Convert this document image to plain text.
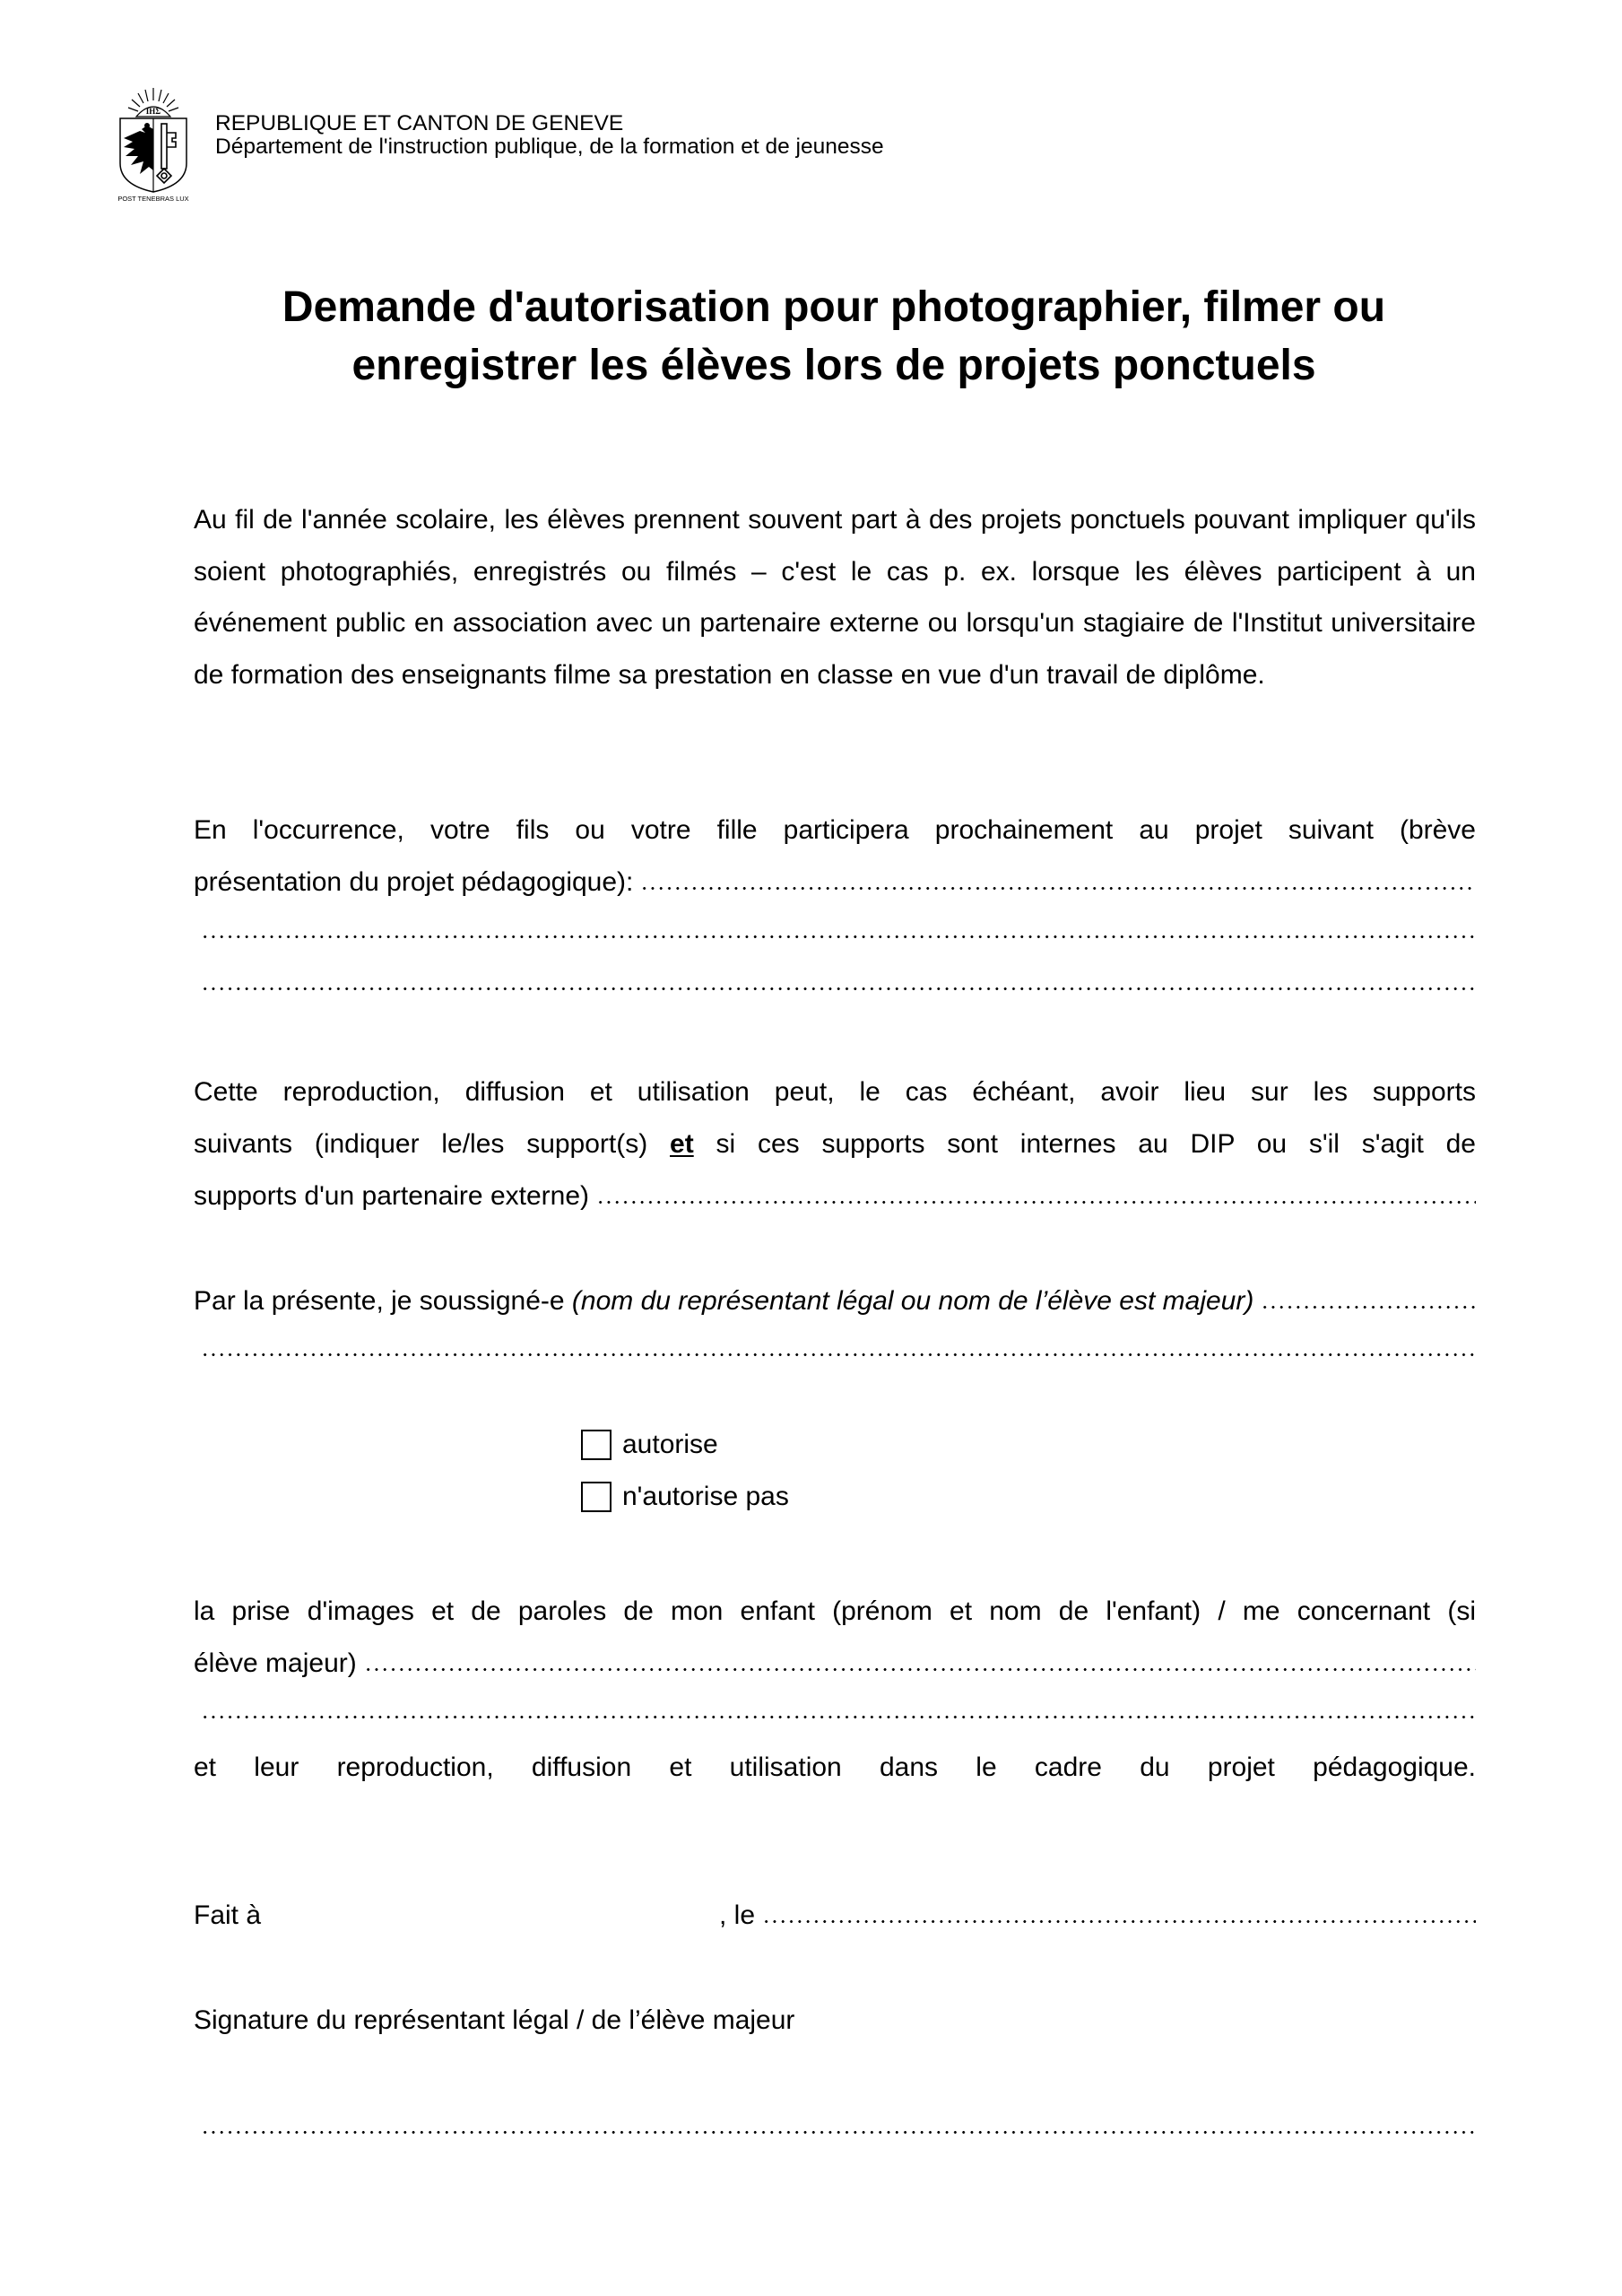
IHΣ
POST TENEBRAS LUX
REPUBLIQUE ET CANTON DE GENEVE
Département de l'instruction publique, de la formation et de jeunesse
Demande d'autorisation pour photographier, filmer ou
enregistrer les élèves lors de projets ponctuels
Au fil de l'année scolaire, les élèves prennent souvent part à des projets ponctuels pouvant impliquer qu'ils soient photographiés, enregistrés ou filmés – c'est le cas p. ex. lorsque les élèves participent à un événement public en association avec un partenaire externe ou lorsqu'un stagiaire de l'Institut universitaire de formation des enseignants filme sa prestation en classe en vue d'un travail de diplôme.
En l'occurrence, votre fils ou votre fille participera prochainement au projet suivant (brève
présentation du projet pédagogique):
Cette reproduction, diffusion et utilisation peut, le cas échéant, avoir lieu sur les supports
suivants (indiquer le/les support(s) et si ces supports sont internes au DIP ou s'il s'agit de
supports d'un partenaire externe)
Par la présente, je soussigné-e
(nom du représentant légal ou nom de l’élève est majeur)
autorise
n'autorise pas
la prise d'images et de paroles de mon enfant (prénom et nom de l'enfant) / me concernant (si
élève majeur)
et leur reproduction, diffusion et utilisation dans le cadre du projet pédagogique.
Fait à	, le
Signature du représentant légal / de l’élève majeur
